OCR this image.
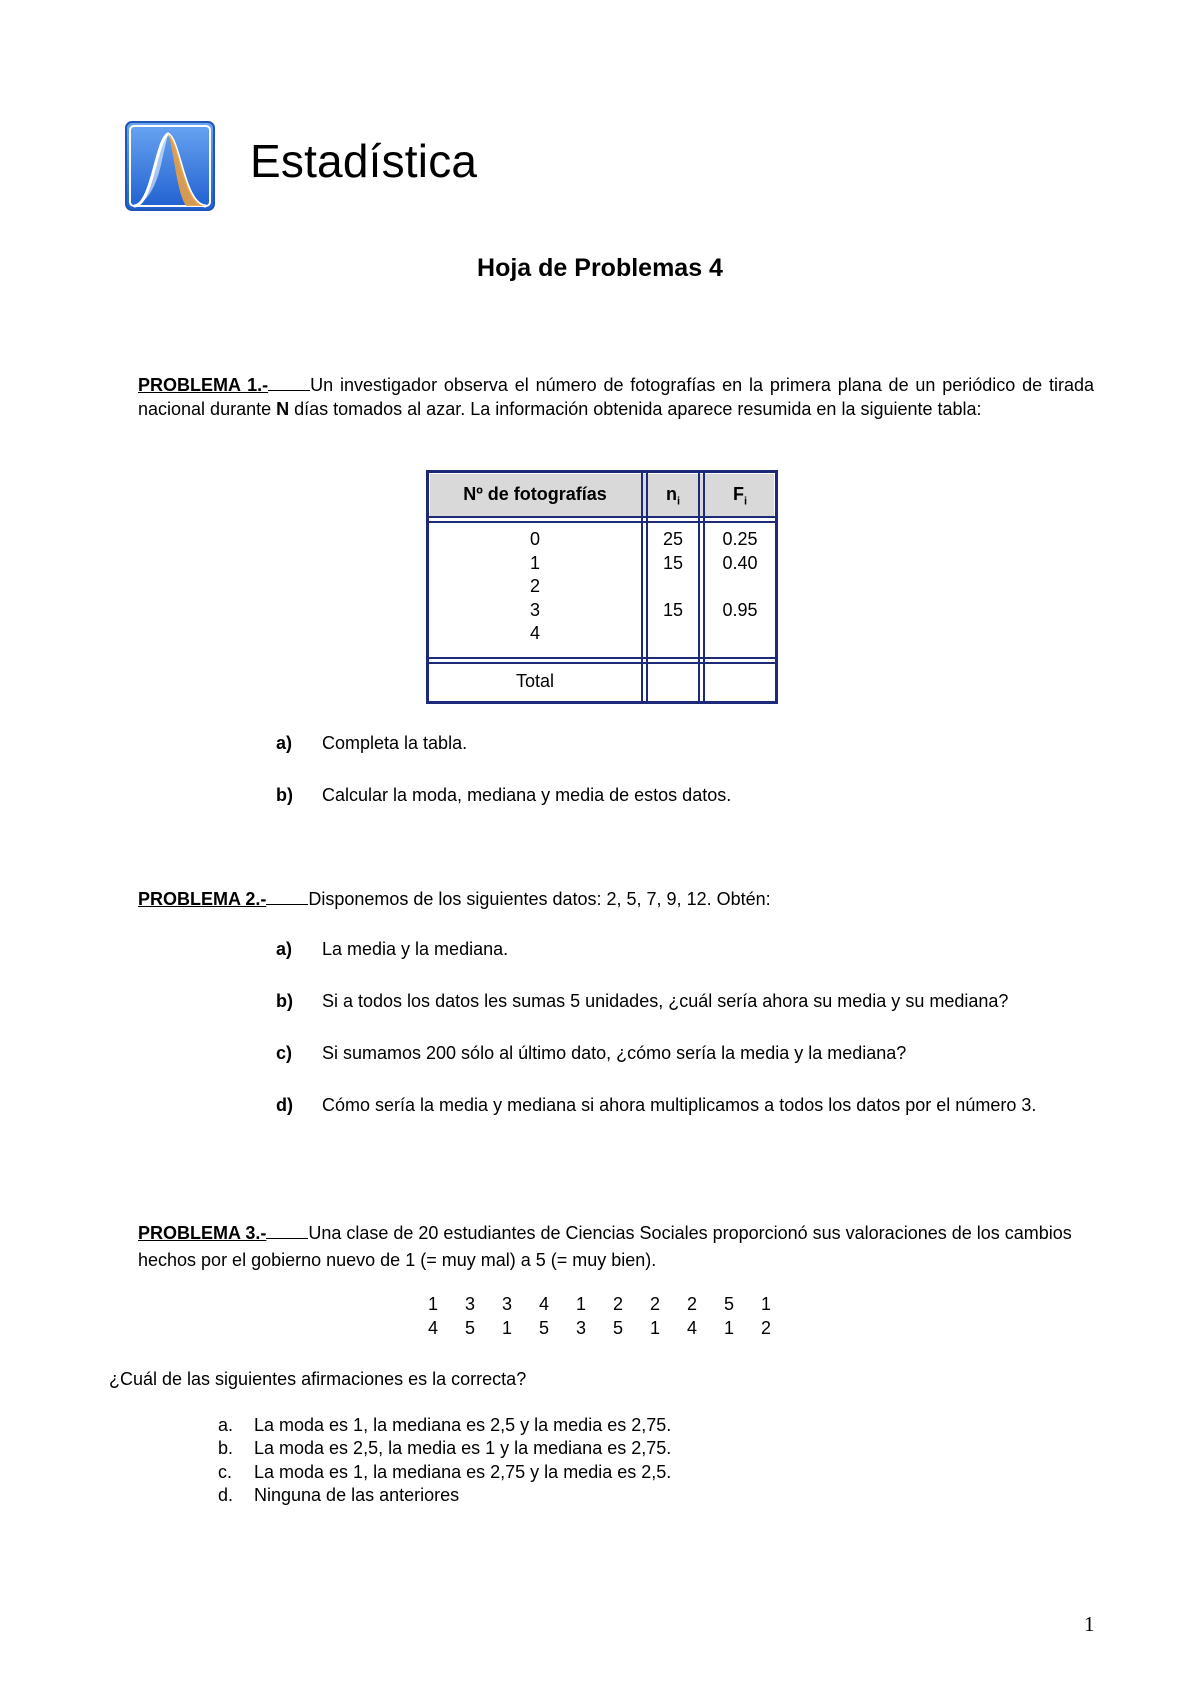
Estadística
Hoja de Problemas 4
PROBLEMA 1.- Un investigador observa el número de fotografías en la primera plana de un periódico de tirada nacional durante N días tomados al azar. La información obtenida aparece resumida en la siguiente tabla:
Nº de fotografías	$n_i$	$F_i$
0
1
2
3
4
25
15
15
0.25
0.40
0.95
Total
a) Completa la tabla.
b) Calcular la moda, mediana y media de estos datos.
PROBLEMA 2.- Disponemos de los siguientes datos: 2, 5, 7, 9, 12. Obtén:
a) La media y la mediana.
b) Si a todos los datos les sumas 5 unidades, ¿cuál sería ahora su media y su mediana?
c) Si sumamos 200 sólo al último dato, ¿cómo sería la media y la mediana?
d) Cómo sería la media y mediana si ahora multiplicamos a todos los datos por el número 3.
PROBLEMA 3.- Una clase de 20 estudiantes de Ciencias Sociales proporcionó sus valoraciones de los cambios hechos por el gobierno nuevo de 1 (= muy mal) a 5 (= muy bien).
1  3  3  4  1  2  2  2  5  1
4  5  1  5  3  5  1  4  1  2
¿Cuál de las siguientes afirmaciones es la correcta?
a. La moda es 1, la mediana es 2,5 y la media es 2,75.
b. La moda es 2,5, la media es 1 y la mediana es 2,75.
c. La moda es 1, la mediana es 2,75 y la media es 2,5.
d. Ninguna de las anteriores
1
